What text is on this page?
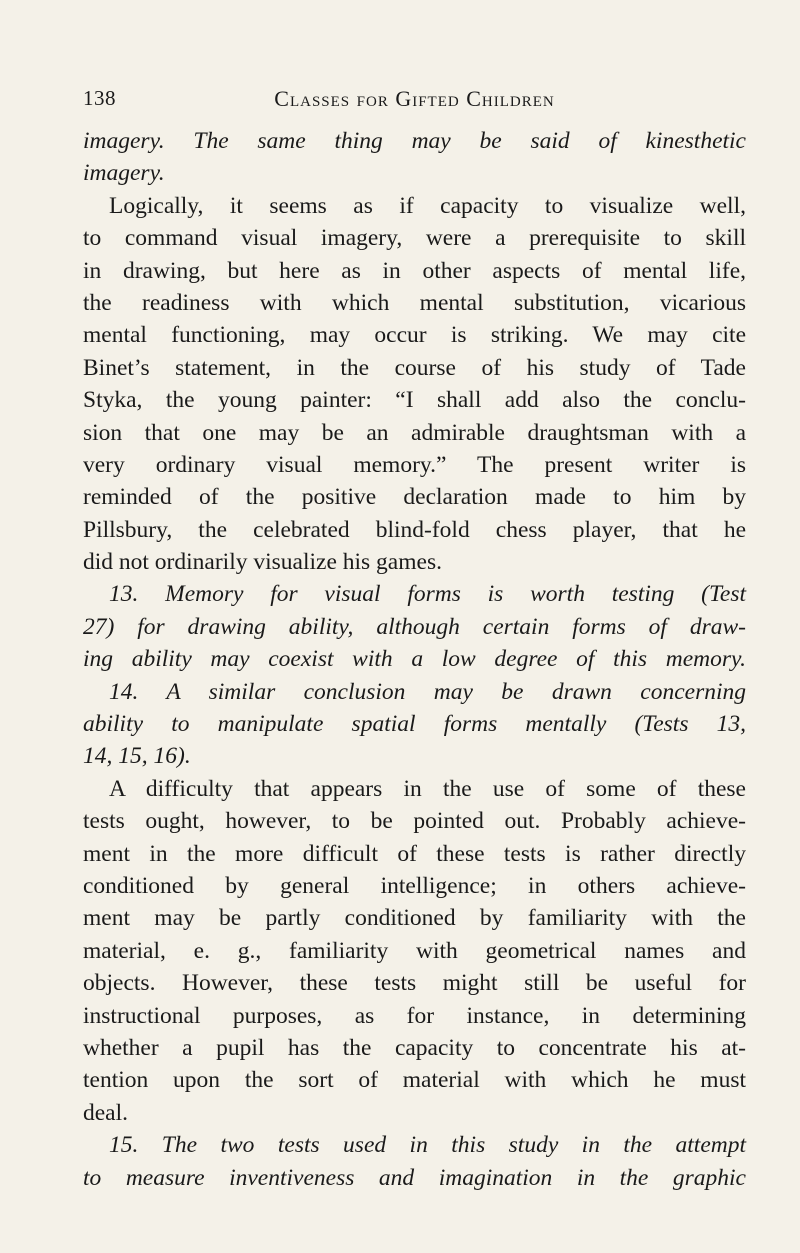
138	Classes for Gifted Children
imagery. The same thing may be said of kinesthetic
imagery.
Logically, it seems as if capacity to visualize well,
to command visual imagery, were a prerequisite to skill
in drawing, but here as in other aspects of mental life,
the readiness with which mental substitution, vicarious
mental functioning, may occur is striking. We may cite
Binet’s statement, in the course of his study of Tade
Styka, the young painter: “I shall add also the conclu-
sion that one may be an admirable draughtsman with a
very ordinary visual memory.” The present writer is
reminded of the positive declaration made to him by
Pillsbury, the celebrated blind-fold chess player, that he
did not ordinarily visualize his games.
13. Memory for visual forms is worth testing (Test
27) for drawing ability, although certain forms of draw-
ing ability may coexist with a low degree of this memory.
14. A similar conclusion may be drawn concerning
ability to manipulate spatial forms mentally (Tests 13,
14, 15, 16).
A difficulty that appears in the use of some of these
tests ought, however, to be pointed out. Probably achieve-
ment in the more difficult of these tests is rather directly
conditioned by general intelligence; in others achieve-
ment may be partly conditioned by familiarity with the
material, e. g., familiarity with geometrical names and
objects. However, these tests might still be useful for
instructional purposes, as for instance, in determining
whether a pupil has the capacity to concentrate his at-
tention upon the sort of material with which he must
deal.
15. The two tests used in this study in the attempt
to measure inventiveness and imagination in the graphic
